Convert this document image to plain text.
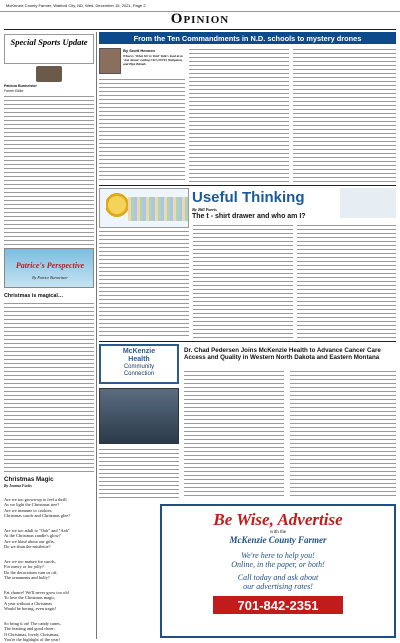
McKenzie County Farmer, Watford City, ND, Wed. December 15, 2021, Page 2
Opinion
Special Sports Update
Patricia Burmeister
Farmer Editor
Patrice's Perspective
By Patrice Burmeister
Christmas is magical…
Christmas Magic
By Joanna Fuchs

Are we too grown-up to feel a thrill
As we light the Christmas tree?
Are we immune to cookies,
Christmas carols and Christmas glee?

Are we too adult to "Ooh" and "Aah"
At the Christmas candle's glow?
Are we blasé about our gifts,
Do we shun the mistletoe?

Are we too mature for carols,
For merry or for jolly?
Do the decorations turn us off,
The ornaments and holly?

Fat chance! We'll never grow too old
To love the Christmas magic,
A year without a Christmas
Would be boring, even tragic!

So bring it on! The candy canes,
The feasting and good cheer;
O Christmas, lovely Christmas,
You're the highlight of the year!

From the Ten Commandments in N.D. schools to mystery drones
By Scott Hennen
What is 'What We're Told' Talk's lead-in to 'Ask About' exiting CIO (ONE) Wahpeton, and Pipe Blends
Useful Thinking
By Bill Parris
The t - shirt drawer and who am I?
McKenzie
Health
Community
Connection
Dr. Chad Pedersen Joins McKenzie Health to Advance Cancer Care Access and Quality in Western North Dakota and Eastern Montana
Be Wise, Advertise
with the
McKenzie County Farmer
We're here to help you!
Online, in the paper, or both!
Call today and ask about
our advertising rates!
701-842-2351
